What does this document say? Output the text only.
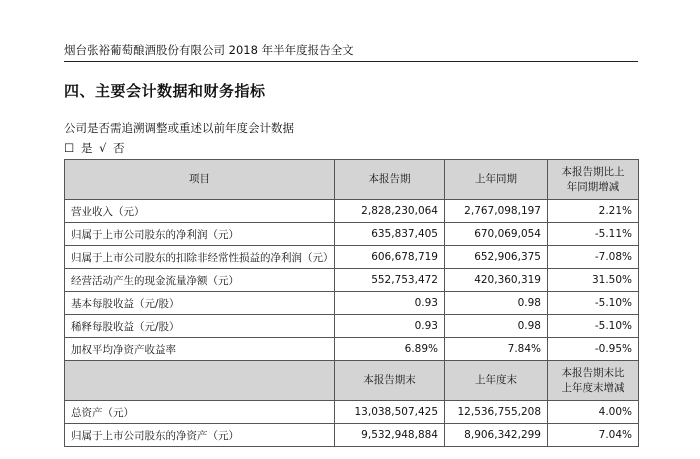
烟台张裕葡萄酿酒股份有限公司 2018 年半年度报告全文
四、主要会计数据和财务指标
公司是否需追溯调整或重述以前年度会计数据
☐ 是 √ 否
项目	本报告期	上年同期	本报告期比上
年同期增减
营业收入（元）	2,828,230,064	2,767,098,197	2.21%
归属于上市公司股东的净利润（元）	635,837,405	670,069,054	-5.11%
归属于上市公司股东的扣除非经常性损益的净利润（元）	606,678,719	652,906,375	-7.08%
经营活动产生的现金流量净额（元）	552,753,472	420,360,319	31.50%
基本每股收益（元/股）	0.93	0.98	-5.10%
稀释每股收益（元/股）	0.93	0.98	-5.10%
加权平均净资产收益率	6.89%	7.84%	-0.95%
	本报告期末	上年度末	本报告期末比
上年度末增减
总资产（元）	13,038,507,425	12,536,755,208	4.00%
归属于上市公司股东的净资产（元）	9,532,948,884	8,906,342,299	7.04%
